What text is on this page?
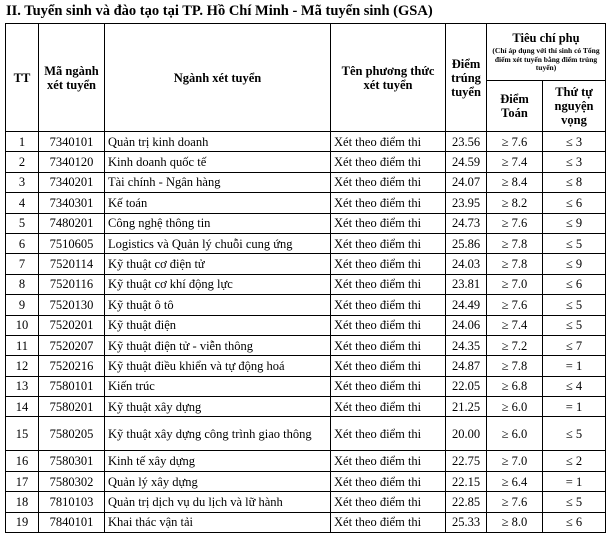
II. Tuyển sinh và đào tạo tại TP. Hồ Chí Minh - Mã tuyển sinh (GSA)
TT	Mã ngành xét tuyển	Ngành xét tuyển	Tên phương thức xét tuyển	Điểm trúng tuyển	Tiêu chí phụ
(Chỉ áp dụng với thí sinh có Tổng điểm xét tuyển bằng điểm trúng tuyển)	

					Điểm Toán	Thứ tự nguyện vọng
1	7340101	Quản trị kinh doanh	Xét theo điểm thi	23.56	≥ 7.6	≤ 3
2	7340120	Kinh doanh quốc tế	Xét theo điểm thi	24.59	≥ 7.4	≤ 3
3	7340201	Tài chính - Ngân hàng	Xét theo điểm thi	24.07	≥ 8.4	≤ 8
4	7340301	Kế toán	Xét theo điểm thi	23.95	≥ 8.2	≤ 6
5	7480201	Công nghệ thông tin	Xét theo điểm thi	24.73	≥ 7.6	≤ 9
6	7510605	Logistics và Quản lý chuỗi cung ứng	Xét theo điểm thi	25.86	≥ 7.8	≤ 5
7	7520114	Kỹ thuật cơ điện tử	Xét theo điểm thi	24.03	≥ 7.8	≤ 9
8	7520116	Kỹ thuật cơ khí động lực	Xét theo điểm thi	23.81	≥ 7.0	≤ 6
9	7520130	Kỹ thuật ô tô	Xét theo điểm thi	24.49	≥ 7.6	≤ 5
10	7520201	Kỹ thuật điện	Xét theo điểm thi	24.06	≥ 7.4	≤ 5
11	7520207	Kỹ thuật điện tử - viễn thông	Xét theo điểm thi	24.35	≥ 7.2	≤ 7
12	7520216	Kỹ thuật điều khiển và tự động hoá	Xét theo điểm thi	24.87	≥ 7.8	= 1
13	7580101	Kiến trúc	Xét theo điểm thi	22.05	≥ 6.8	≤ 4
14	7580201	Kỹ thuật xây dựng	Xét theo điểm thi	21.25	≥ 6.0	= 1
15	7580205	Kỹ thuật xây dựng công trình giao thông	Xét theo điểm thi	20.00	≥ 6.0	≤ 5
16	7580301	Kinh tế xây dựng	Xét theo điểm thi	22.75	≥ 7.0	≤ 2
17	7580302	Quản lý xây dựng	Xét theo điểm thi	22.15	≥ 6.4	= 1
18	7810103	Quản trị dịch vụ du lịch và lữ hành	Xét theo điểm thi	22.85	≥ 7.6	≤ 5
19	7840101	Khai thác vận tải	Xét theo điểm thi	25.33	≥ 8.0	≤ 6
